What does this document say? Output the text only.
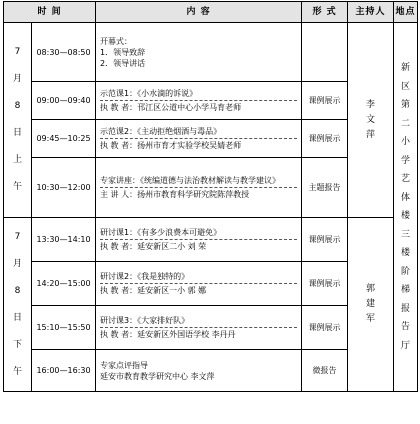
时 间		内 容	形 式	主持人	地点
7月8日上午	08:30—08:50	开幕式：
1．领导致辞
2．领导讲话		李文萍	新区第二小学艺体楼三楼阶梯报告厅
	09:00—09:40	示范课1：《小水滴的诉说》
执 教 者：邗江区公道中心小学马育老师	课例展示		
	09:45—10:25	示范课2：《主动拒绝烟酒与毒品》
执 教 者：扬州市育才实验学校吴婧老师	课例展示		
	10:30—12:00	专家讲座：《统编道德与法治教材解读与教学建议》
主 讲 人：扬州市教育科学研究院陈萍教授	主题报告		
7月8日下午	13:30—14:10	研讨课1：《有多少浪费本可避免》
执 教 者：延安新区二小 刘 荣	课例展示	郭建军	
	14:20—15:00	研讨课2：《我是独特的》
执 教 者：延安新区一小 郭 娜	课例展示		
	15:10—15:50	研讨课3：《大家排好队》
执 教 者：延安新区外国语学校 李丹丹	课例展示		
	16:00—16:30	专家点评指导
延安市教育教学研究中心 李文萍	微报告		
